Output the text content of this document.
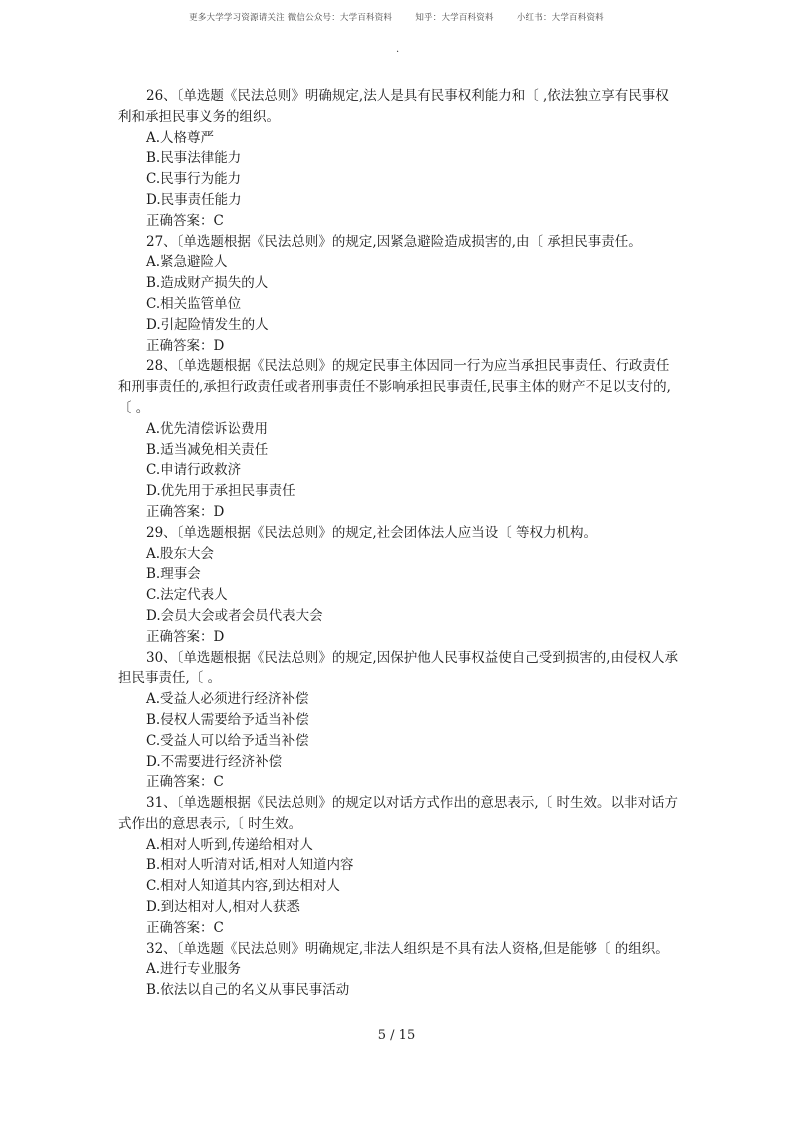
更多大学学习资源请关注 微信公众号：大学百科资料        知乎：大学百科资料        小红书：大学百科资料
.

26、〔单选题《民法总则》明确规定,法人是具有民事权利能力和〔 ,依法独立享有民事权利和承担民事义务的组织。

A.人格尊严

B.民事法律能力

C.民事行为能力

D.民事责任能力

正确答案：C

27、〔单选题根据《民法总则》的规定,因紧急避险造成损害的,由〔 承担民事责任。

A.紧急避险人

B.造成财产损失的人

C.相关监管单位

D.引起险情发生的人

正确答案：D

28、〔单选题根据《民法总则》的规定民事主体因同一行为应当承担民事责任、行政责任和刑事责任的,承担行政责任或者刑事责任不影响承担民事责任,民事主体的财产不足以支付的,〔 。

A.优先清偿诉讼费用

B.适当减免相关责任

C.申请行政救济

D.优先用于承担民事责任

正确答案：D

29、〔单选题根据《民法总则》的规定,社会团体法人应当设〔 等权力机构。

A.股东大会

B.理事会

C.法定代表人

D.会员大会或者会员代表大会

正确答案：D

30、〔单选题根据《民法总则》的规定,因保护他人民事权益使自己受到损害的,由侵权人承担民事责任,〔 。

A.受益人必须进行经济补偿

B.侵权人需要给予适当补偿

C.受益人可以给予适当补偿

D.不需要进行经济补偿

正确答案：C

31、〔单选题根据《民法总则》的规定以对话方式作出的意思表示,〔 时生效。以非对话方式作出的意思表示,〔 时生效。

A.相对人听到,传递给相对人

B.相对人听清对话,相对人知道内容

C.相对人知道其内容,到达相对人

D.到达相对人,相对人获悉

正确答案：C

32、〔单选题《民法总则》明确规定,非法人组织是不具有法人资格,但是能够〔 的组织。

A.进行专业服务

B.依法以自己的名义从事民事活动

5 / 15
